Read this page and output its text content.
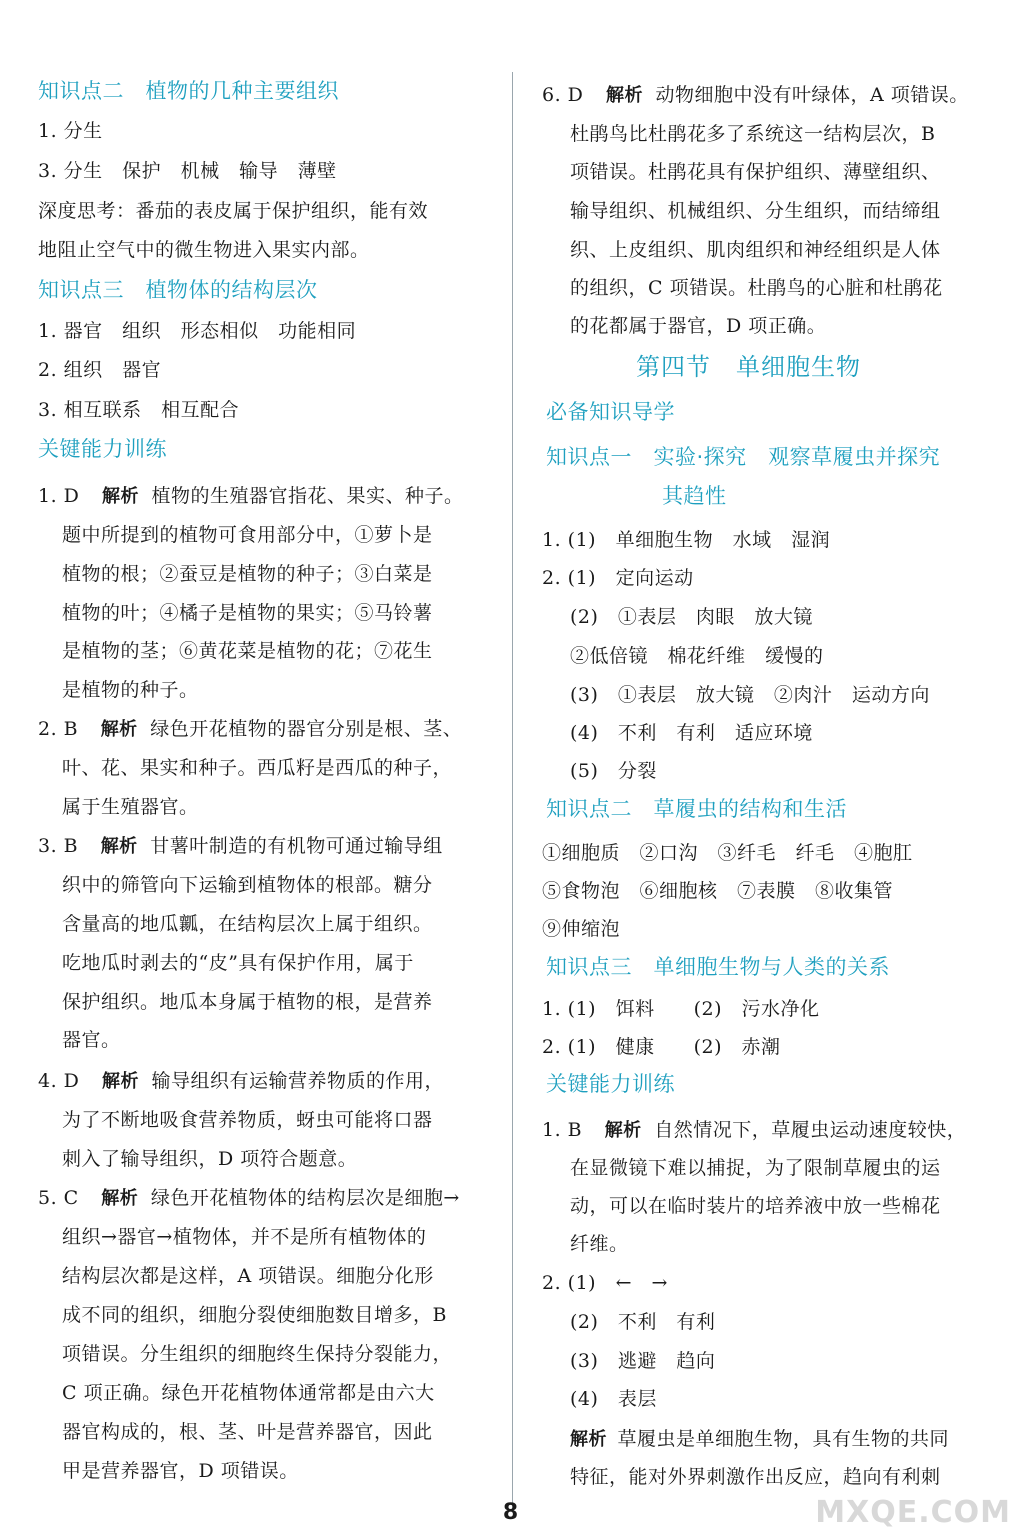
知识点二　植物的几种主要组织
1. 分生
3. 分生　保护　机械　输导　薄壁
深度思考：番茄的表皮属于保护组织，能有效
地阻止空气中的微生物进入果实内部。
知识点三　植物体的结构层次
1. 器官　组织　形态相似　功能相同
2. 组织　器官
3. 相互联系　相互配合
关键能力训练
1. D 解析 植物的生殖器官指花、果实、种子。
题中所提到的植物可食用部分中，①萝卜是
植物的根；②蚕豆是植物的种子；③白菜是
植物的叶；④橘子是植物的果实；⑤马铃薯
是植物的茎；⑥黄花菜是植物的花；⑦花生
是植物的种子。
2. B 解析 绿色开花植物的器官分别是根、茎、
叶、花、果实和种子。西瓜籽是西瓜的种子，
属于生殖器官。
3. B 解析 甘薯叶制造的有机物可通过输导组
织中的筛管向下运输到植物体的根部。糖分
含量高的地瓜瓤，在结构层次上属于组织。
吃地瓜时剥去的“皮”具有保护作用，属于
保护组织。地瓜本身属于植物的根，是营养
器官。
4. D 解析 输导组织有运输营养物质的作用，
为了不断地吸食营养物质，蚜虫可能将口器
刺入了输导组织，D 项符合题意。
5. C 解析 绿色开花植物体的结构层次是细胞→
组织→器官→植物体，并不是所有植物体的
结构层次都是这样，A 项错误。细胞分化形
成不同的组织，细胞分裂使细胞数目增多，B
项错误。分生组织的细胞终生保持分裂能力，
C 项正确。绿色开花植物体通常都是由六大
器官构成的，根、茎、叶是营养器官，因此
甲是营养器官，D 项错误。
6. D 解析 动物细胞中没有叶绿体，A 项错误。
杜鹃鸟比杜鹃花多了系统这一结构层次，B
项错误。杜鹃花具有保护组织、薄壁组织、
输导组织、机械组织、分生组织，而结缔组
织、上皮组织、肌肉组织和神经组织是人体
的组织，C 项错误。杜鹃鸟的心脏和杜鹃花
的花都属于器官，D 项正确。
第四节　单细胞生物
必备知识导学
知识点一　实验·探究　观察草履虫并探究
其趋性
1. (1)　单细胞生物　水域　湿润
2. (1)　定向运动
(2)　①表层　肉眼　放大镜
②低倍镜　棉花纤维　缓慢的
(3)　①表层　放大镜　②肉汁　运动方向
(4)　不利　有利　适应环境
(5)　分裂
知识点二　草履虫的结构和生活
①细胞质　②口沟　③纤毛　纤毛　④胞肛
⑤食物泡　⑥细胞核　⑦表膜　⑧收集管
⑨伸缩泡
知识点三　单细胞生物与人类的关系
1. (1)　饵料　　(2)　污水净化
2. (1)　健康　　(2)　赤潮
关键能力训练
1. B 解析 自然情况下，草履虫运动速度较快，
在显微镜下难以捕捉，为了限制草履虫的运
动，可以在临时装片的培养液中放一些棉花
纤维。
2. (1)　←　→
(2)　不利　有利
(3)　逃避　趋向
(4)　表层
解析 草履虫是单细胞生物，具有生物的共同
特征，能对外界刺激作出反应，趋向有利刺
8	MXQE.COM
